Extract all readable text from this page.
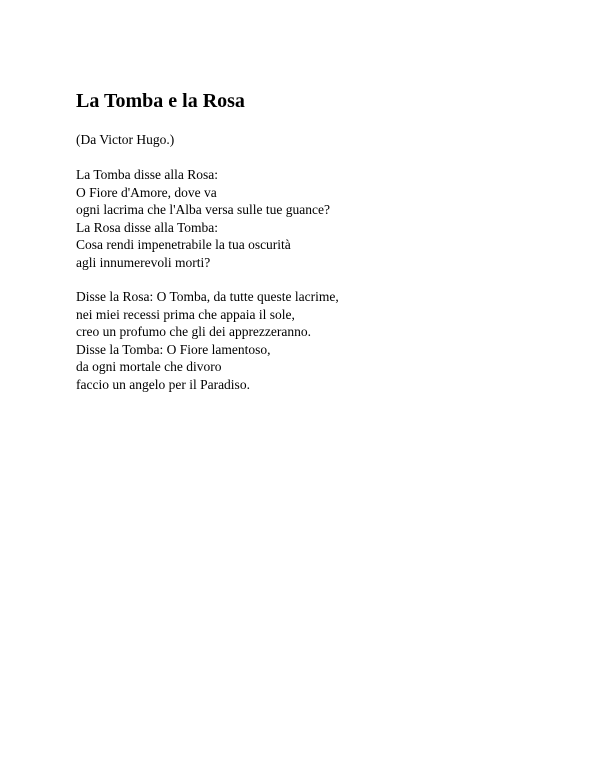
La Tomba e la Rosa

(Da Victor Hugo.)

La Tomba disse alla Rosa:
O Fiore d'Amore, dove va
ogni lacrima che l'Alba versa sulle tue guance?
La Rosa disse alla Tomba:
Cosa rendi impenetrabile la tua oscurità
agli innumerevoli morti?

Disse la Rosa: O Tomba, da tutte queste lacrime,
nei miei recessi prima che appaia il sole,
creo un profumo che gli dei apprezzeranno.
Disse la Tomba: O Fiore lamentoso,
da ogni mortale che divoro
faccio un angelo per il Paradiso.
